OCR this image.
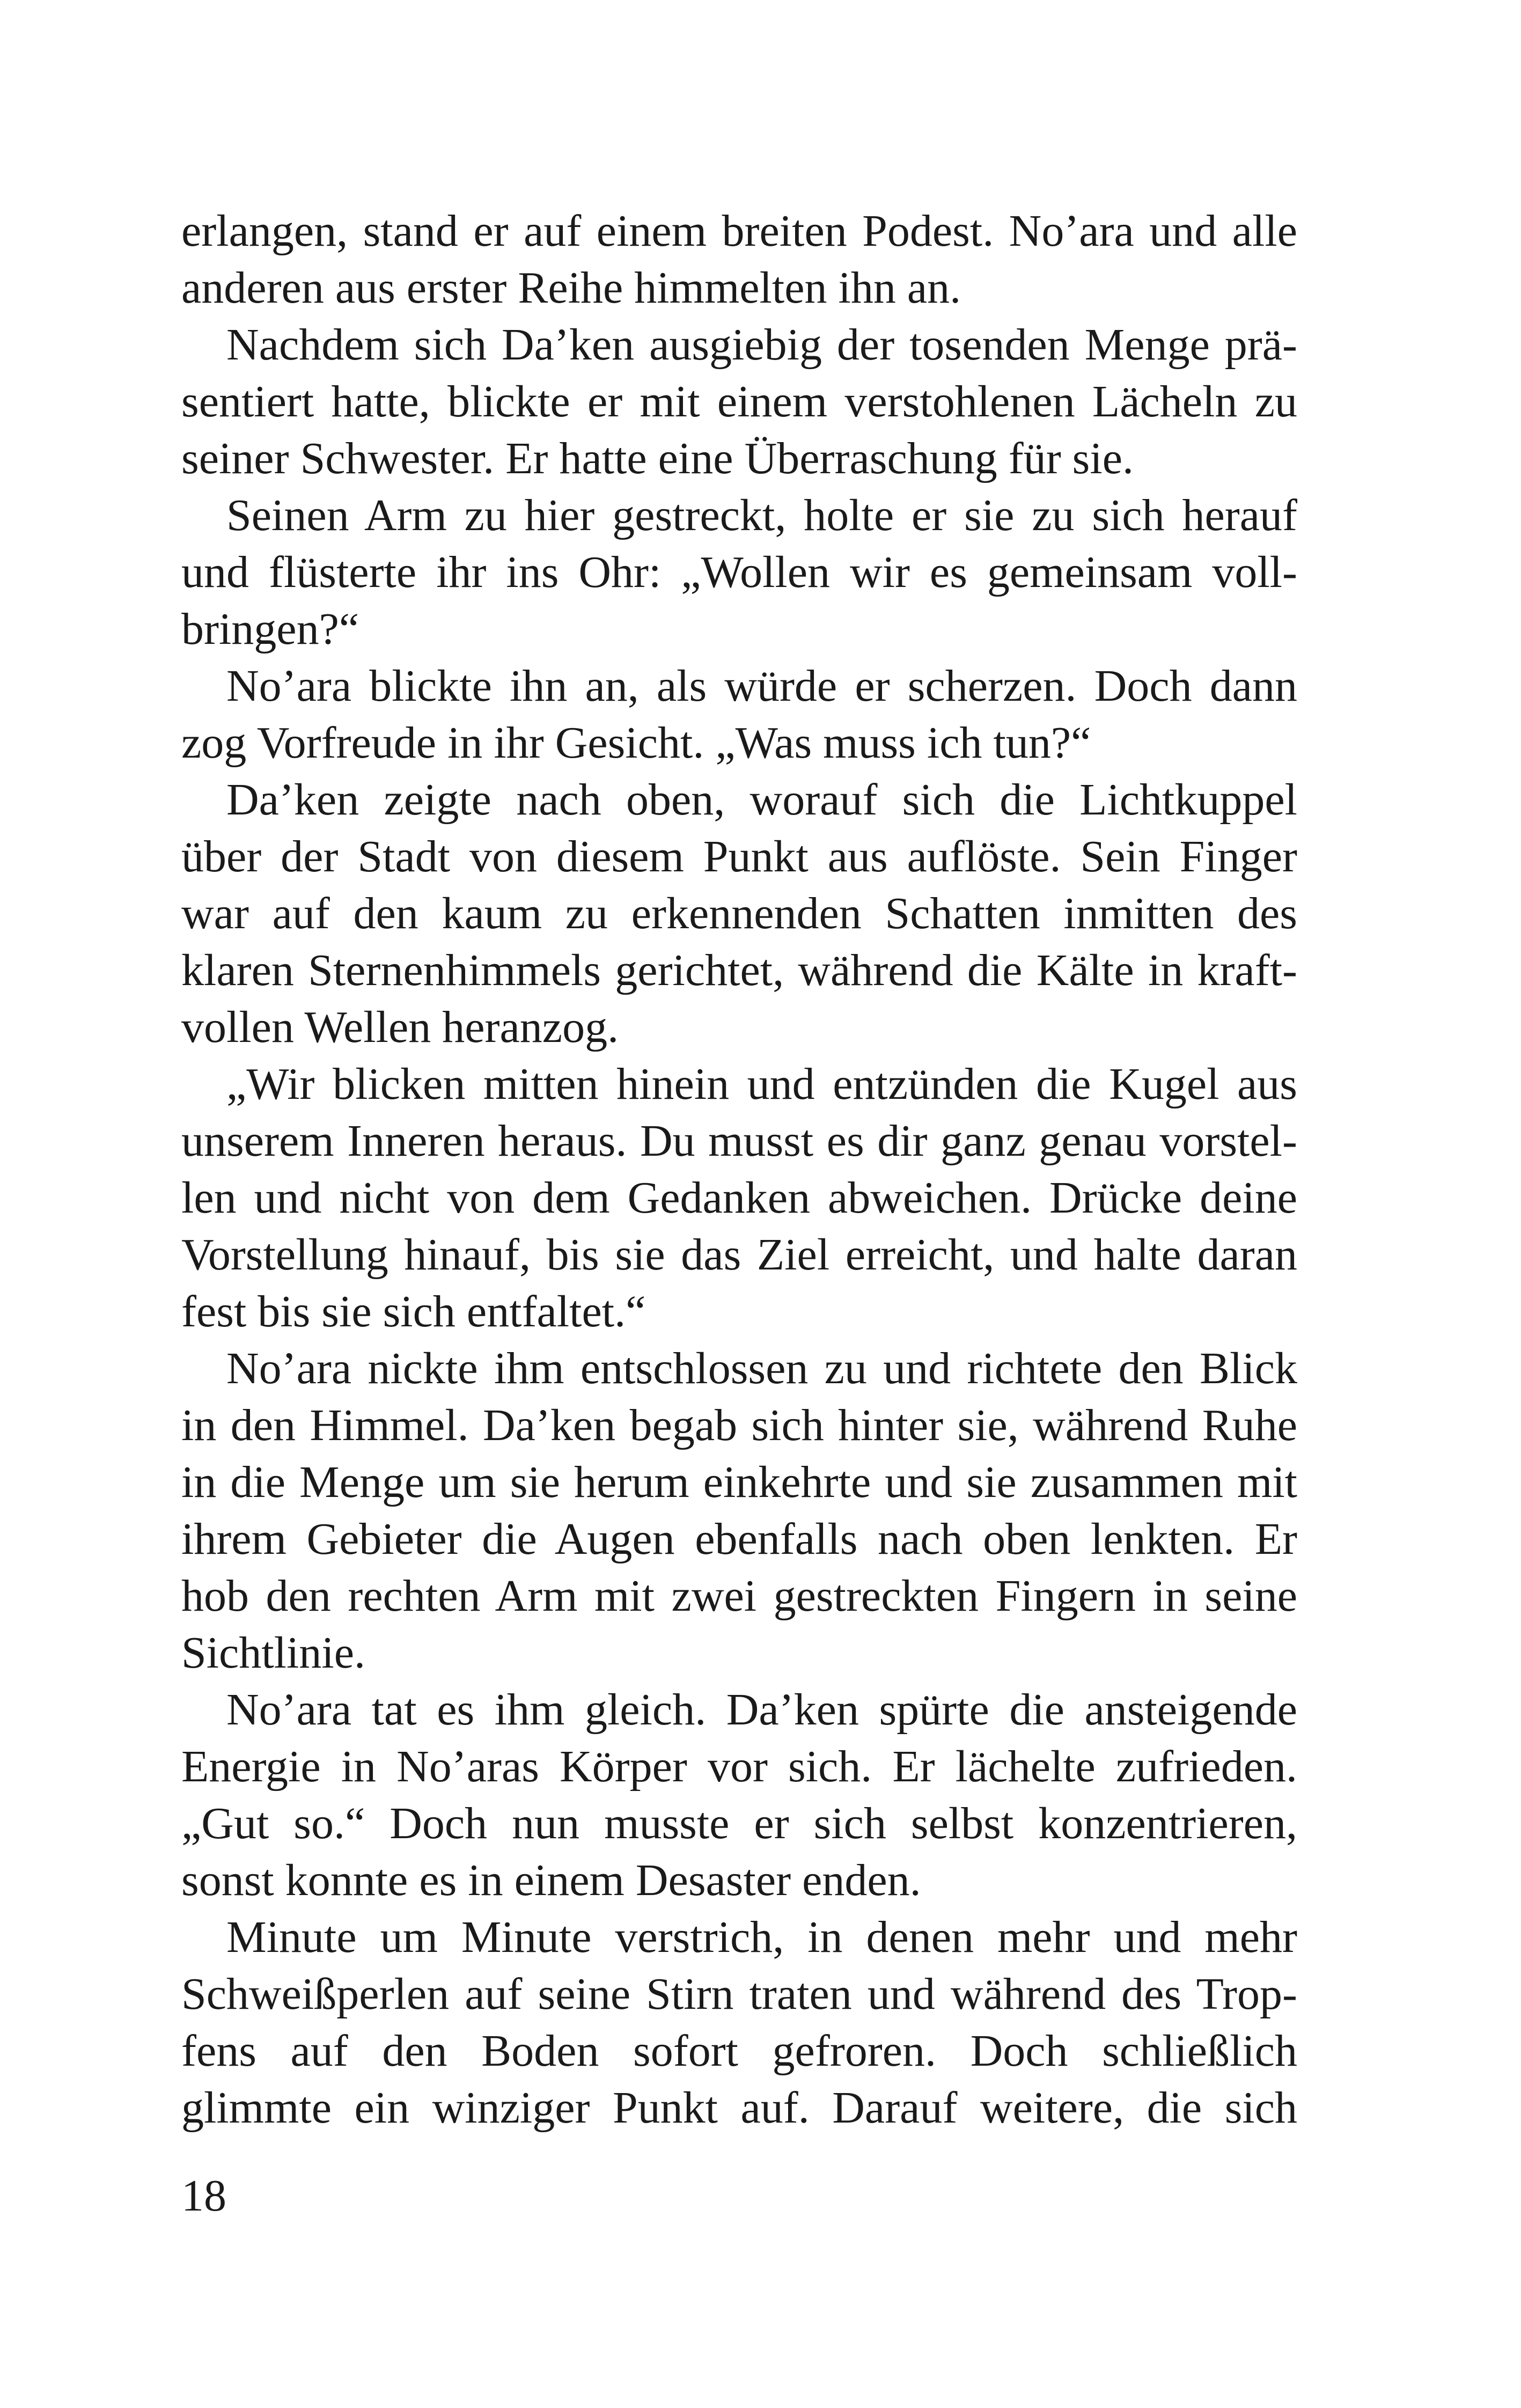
erlangen, stand er auf einem breiten Podest. No’ara und alle
anderen aus erster Reihe himmelten ihn an.
Nachdem sich Da’ken ausgiebig der tosenden Menge prä-
sentiert hatte, blickte er mit einem verstohlenen Lächeln zu
seiner Schwester. Er hatte eine Überraschung für sie.
Seinen Arm zu hier gestreckt, holte er sie zu sich herauf
und flüsterte ihr ins Ohr: „Wollen wir es gemeinsam voll-
bringen?“
No’ara blickte ihn an, als würde er scherzen. Doch dann
zog Vorfreude in ihr Gesicht. „Was muss ich tun?“
Da’ken zeigte nach oben, worauf sich die Lichtkuppel
über der Stadt von diesem Punkt aus auflöste. Sein Finger
war auf den kaum zu erkennenden Schatten inmitten des
klaren Sternenhimmels gerichtet, während die Kälte in kraft-
vollen Wellen heranzog.
„Wir blicken mitten hinein und entzünden die Kugel aus
unserem Inneren heraus. Du musst es dir ganz genau vorstel-
len und nicht von dem Gedanken abweichen. Drücke deine
Vorstellung hinauf, bis sie das Ziel erreicht, und halte daran
fest bis sie sich entfaltet.“
No’ara nickte ihm entschlossen zu und richtete den Blick
in den Himmel. Da’ken begab sich hinter sie, während Ruhe
in die Menge um sie herum einkehrte und sie zusammen mit
ihrem Gebieter die Augen ebenfalls nach oben lenkten. Er
hob den rechten Arm mit zwei gestreckten Fingern in seine
Sichtlinie.
No’ara tat es ihm gleich. Da’ken spürte die ansteigende
Energie in No’aras Körper vor sich. Er lächelte zufrieden.
„Gut so.“ Doch nun musste er sich selbst konzentrieren,
sonst konnte es in einem Desaster enden.
Minute um Minute verstrich, in denen mehr und mehr
Schweißperlen auf seine Stirn traten und während des Trop-
fens auf den Boden sofort gefroren. Doch schließlich
glimmte ein winziger Punkt auf. Darauf weitere, die sich
18
